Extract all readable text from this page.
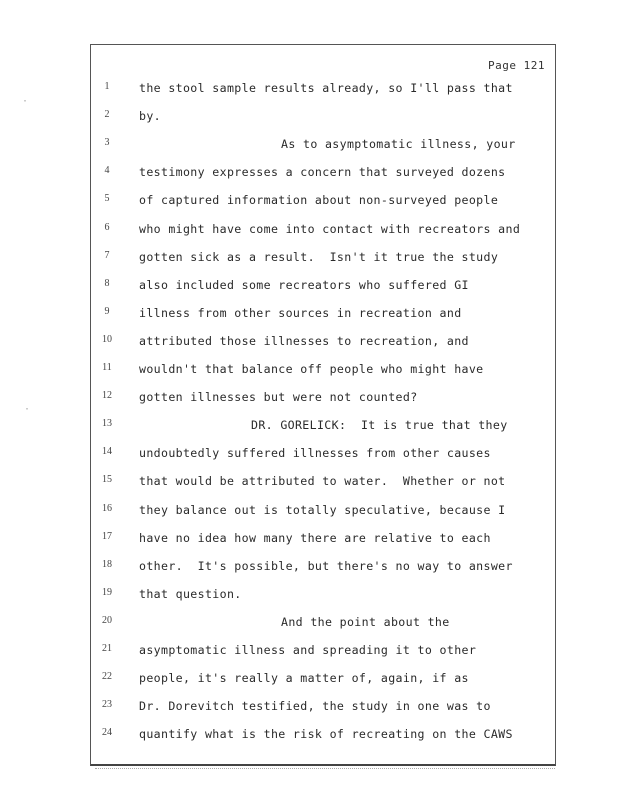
Page 121
1	the stool sample results already, so I'll pass that
2	by.
3	As to asymptomatic illness, your
4	testimony expresses a concern that surveyed dozens
5	of captured information about non-surveyed people
6	who might have come into contact with recreators and
7	gotten sick as a result.  Isn't it true the study
8	also included some recreators who suffered GI
9	illness from other sources in recreation and
10	attributed those illnesses to recreation, and
11	wouldn't that balance off people who might have
12	gotten illnesses but were not counted?
13	DR. GORELICK:  It is true that they
14	undoubtedly suffered illnesses from other causes
15	that would be attributed to water.  Whether or not
16	they balance out is totally speculative, because I
17	have no idea how many there are relative to each
18	other.  It's possible, but there's no way to answer
19	that question.
20	And the point about the
21	asymptomatic illness and spreading it to other
22	people, it's really a matter of, again, if as
23	Dr. Dorevitch testified, the study in one was to
24	quantify what is the risk of recreating on the CAWS
·
·
